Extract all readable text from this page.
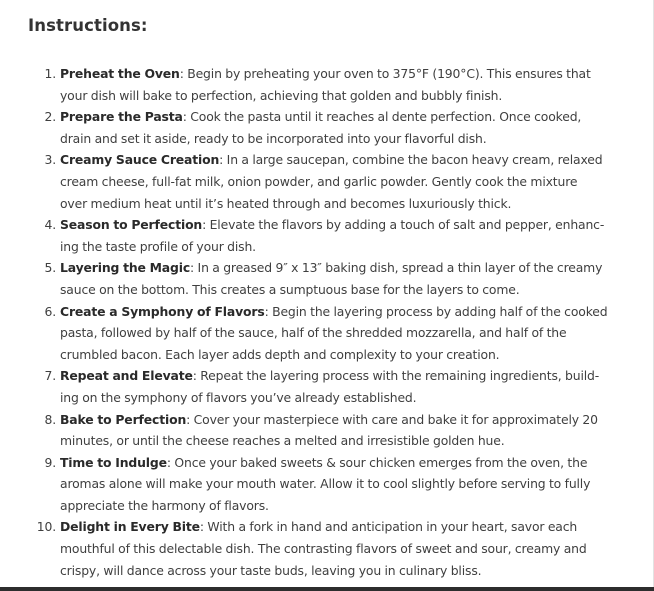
Instructions:
1. Preheat the Oven: Begin by preheating your oven to 375°F (190°C). This ensures that
your dish will bake to perfection, achieving that golden and bubbly finish.
2. Prepare the Pasta: Cook the pasta until it reaches al dente perfection. Once cooked,
drain and set it aside, ready to be incorporated into your flavorful dish.
3. Creamy Sauce Creation: In a large saucepan, combine the bacon heavy cream, relaxed
cream cheese, full-fat milk, onion powder, and garlic powder. Gently cook the mixture
over medium heat until it’s heated through and becomes luxuriously thick.
4. Season to Perfection: Elevate the flavors by adding a touch of salt and pepper, enhanc-
ing the taste profile of your dish.
5. Layering the Magic: In a greased 9″ x 13″ baking dish, spread a thin layer of the creamy
sauce on the bottom. This creates a sumptuous base for the layers to come.
6. Create a Symphony of Flavors: Begin the layering process by adding half of the cooked
pasta, followed by half of the sauce, half of the shredded mozzarella, and half of the
crumbled bacon. Each layer adds depth and complexity to your creation.
7. Repeat and Elevate: Repeat the layering process with the remaining ingredients, build-
ing on the symphony of flavors you’ve already established.
8. Bake to Perfection: Cover your masterpiece with care and bake it for approximately 20
minutes, or until the cheese reaches a melted and irresistible golden hue.
9. Time to Indulge: Once your baked sweets & sour chicken emerges from the oven, the
aromas alone will make your mouth water. Allow it to cool slightly before serving to fully
appreciate the harmony of flavors.
10. Delight in Every Bite: With a fork in hand and anticipation in your heart, savor each
mouthful of this delectable dish. The contrasting flavors of sweet and sour, creamy and
crispy, will dance across your taste buds, leaving you in culinary bliss.
